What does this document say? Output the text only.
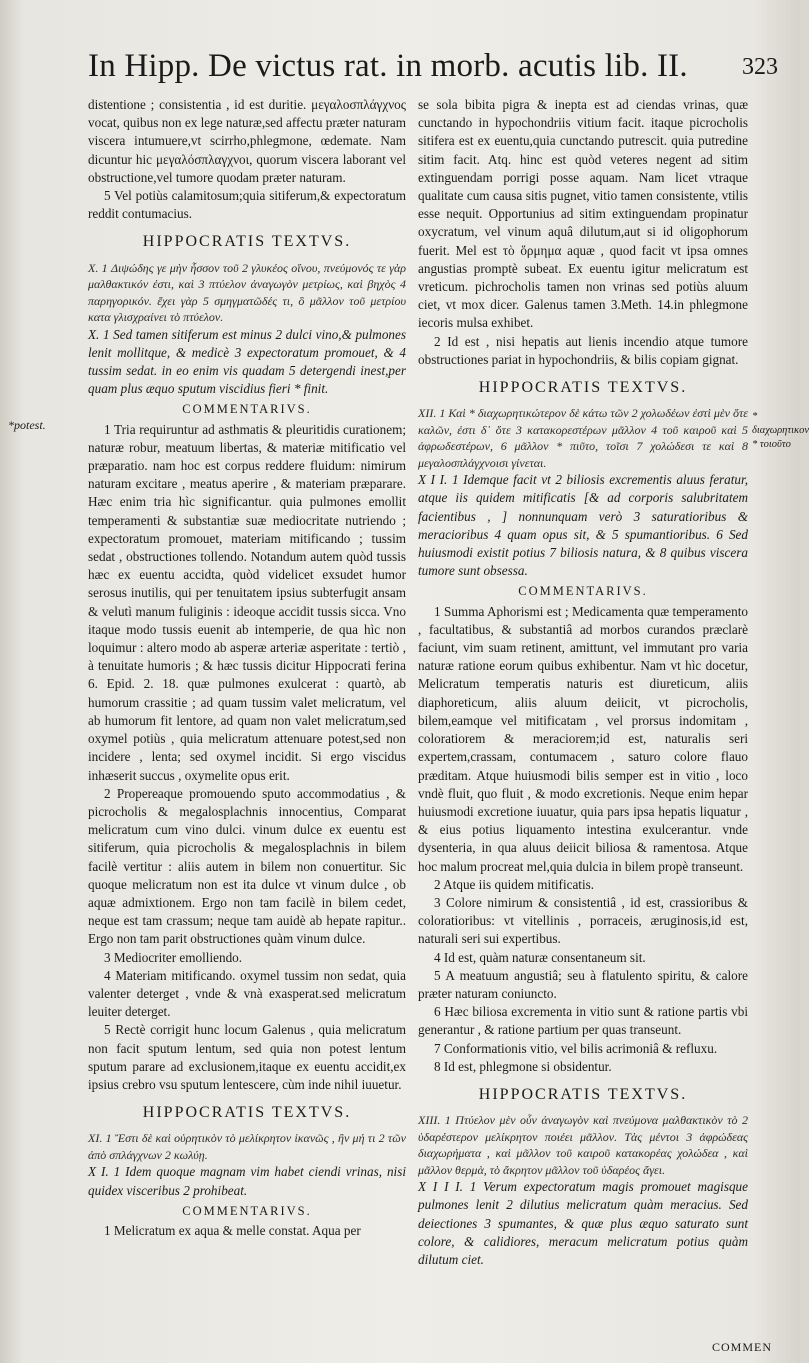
In Hipp. De victus rat. in morb. acutis lib. II. 323

distentione ; consistentia , id est duritie. μεγαλοσπλάγχνος vocat, quibus non ex lege naturæ,sed affectu præter naturam viscera intumuere,vt scirrho,phlegmone, œdemate. Nam dicuntur hic μεγαλόσπλαγχνοι, quorum viscera laborant vel obstructione,vel tumore quodam præter naturam.

5 Vel potiùs calamitosum;quia sitiferum,& expectoratum reddit contumacius.

HIPPOCRATIS TEXTVS.

X. 1 Διψώδης γε μὴν ἧσσον τοῦ 2 γλυκέος οἴνου, πνεύμονός τε γὰρ μαλθακτικόν ἐστι, καὶ 3 πτύελον ἀναγωγὸν μετρίως, καὶ βηχὸς 4 παρηγορικόν. ἔχει γὰρ 5 σμηγματῶδές τι, ὃ μᾶλλον τοῦ μετρίου κατα γλισχραίνει τὸ πτύελον.

X. 1 Sed tamen sitiferum est minus 2 dulci vino,& pulmones lenit mollitque, & medicè 3 expectoratum promouet, & 4 tussim sedat. in eo enim vis quadam 5 detergendi inest,per quam plus æquo sputum viscidius fieri * finit.

COMMENTARIVS.

1 Tria requiruntur ad asthmatis & pleuritidis curationem; naturæ robur, meatuum libertas, & materiæ mitificatio vel præparatio. nam hoc est corpus reddere fluidum: nimirum naturam excitare , meatus aperire , & materiam præparare. Hæc enim tria hìc significantur. quia pulmones emollit temperamenti & substantiæ suæ mediocritate nutriendo ; expectoratum promouet, materiam mitificando ; tussim sedat , obstructiones tollendo. Notandum autem quòd tussis hæc ex euentu accidta, quòd videlicet exsudet humor serosus inutilis, qui per tenuitatem ipsius subterfugit ansam & velutì manum fuliginis : ideoque accidit tussis sicca. Vno itaque modo tussis euenit ab intemperie, de qua hìc non loquimur : altero modo ab asperæ arteriæ asperitate : tertiò , à tenuitate humoris ; & hæc tussis dicitur Hippocrati ferina 6. Epid. 2. 18. quæ pulmones exulcerat : quartò, ab humorum crassitie ; ad quam tussim valet melicratum, vel ab humorum fit lentore, ad quam non valet melicratum,sed oxymel potiùs , quia melicratum attenuare potest,sed non incidere , lenta; sed oxymel incidit. Si ergo viscidus inhæserit succus , oxymelite opus erit.

2 Propereaque promouendo sputo accommodatius , & picrocholis & megalosplachnis innocentius, Comparat melicratum cum vino dulci. vinum dulce ex euentu est sitiferum, quia picrocholis & megalosplachnis in bilem facilè vertitur : aliis autem in bilem non conuertitur. Sic quoque melicratum non est ita dulce vt vinum dulce , ob aquæ admixtionem. Ergo non tam facilè in bilem cedet, neque est tam crassum; neque tam auidè ab hepate rapitur.. Ergo non tam parit obstructiones quàm vinum dulce.

3 Mediocriter emolliendo.

4 Materiam mitificando. oxymel tussim non sedat, quia valenter deterget , vnde & vnà exasperat.sed melicratum leuiter deterget.

5 Rectè corrigit hunc locum Galenus , quia melicratum non facit sputum lentum, sed quia non potest lentum sputum parare ad exclusionem,itaque ex euentu accidit,ex ipsius crebro vsu sputum lentescere, cùm inde nihil iuuetur.

HIPPOCRATIS TEXTVS.

XI. 1 Ἔστι δὲ καὶ οὐρητικὸν τὸ μελίκρητον ἱκανῶς , ἢν μή τι 2 τῶν ἀπὸ σπλάγχνων 2 κωλύῃ.

X I. 1 Idem quoque magnam vim habet ciendi vrinas, nisi quidex visceribus 2 prohibeat.

COMMENTARIVS.

1 Melicratum ex aqua & melle constat. Aqua per

se sola bibita pigra & inepta est ad ciendas vrinas, quæ cunctando in hypochondriis vitium facit. itaque picrocholis sitifera est ex euentu,quia cunctando putrescit. quia putredine sitim facit. Atq. hinc est quòd veteres negent ad sitim extinguendam porrigi posse aquam. Nam licet vtraque qualitate cum causa sitis pugnet, vitio tamen consistente, vtilis esse nequit. Opportunius ad sitim extinguendam propinatur oxycratum, vel vinum aquâ dilutum,aut si id oligophorum fuerit. Mel est τὸ ὅρμημα aquæ , quod facit vt ipsa omnes angustias promptè subeat. Ex euentu igitur melicratum est vreticum. pichrocholis tamen non vrinas sed potiùs aluum ciet, vt mox dicer. Galenus tamen 3.Meth. 14.in phlegmone iecoris mulsa exhibet.

2 Id est , nisi hepatis aut lienis incendio atque tumore obstructiones pariat in hypochondriis, & bilis copiam gignat.

HIPPOCRATIS TEXTVS.

XII. 1 Καὶ * διαχωρητικώτερον δὲ κάτω τῶν 2 χολωδέων ἐστὶ μὲν ὅτε καλῶν, ἐστι δ᾽ ὅτε 3 κατακορεστέρων μᾶλλον 4 τοῦ καιροῦ καὶ 5 ἀφρωδεστέρων, 6 μᾶλλον * πιῦτο, τοῖσι 7 χολώδεσι τε καὶ 8 μεγαλοσπλάγχνοισι γίνεται.

X I I. 1 Idemque facit vt 2 biliosis excrementis aluus feratur, atque iis quidem mitificatis [& ad corporis salubritatem facientibus , ] nonnunquam verò 3 saturatioribus & meracioribus 4 quam opus sit, & 5 spumantioribus. 6 Sed huiusmodi existit potius 7 biliosis natura, & 8 quibus viscera tumore sunt obsessa.

COMMENTARIVS.

1 Summa Aphorismi est ; Medicamenta quæ temperamento , facultatibus, & substantiâ ad morbos curandos præclarè faciunt, vim suam retinent, amittunt, vel immutant pro varia naturæ ratione eorum quibus exhibentur. Nam vt hìc docetur, Melicratum temperatis naturis est diureticum, aliis diaphoreticum, aliis aluum deiicit, vt picrocholis, bilem,eamque vel mitificatam , vel prorsus indomitam , coloratiorem & meraciorem;id est, naturalis seri expertem,crassam, contumacem , saturo colore flauo præditam. Atque huiusmodi bilis semper est in vitio , loco vndè fluit, quo fluit , & modo excretionis. Neque enim hepar huiusmodi excretione iuuatur, quia pars ipsa hepatis liquatur , & eius potius liquamento intestina exulcerantur. vnde dysenteria, in qua aluus deiicit biliosa & ramentosa. Atque hoc malum procreat mel,quia dulcia in bilem propè transeunt.

2 Atque iis quidem mitificatis.

3 Colore nimirum & consistentiâ , id est, crassioribus & coloratioribus: vt vitellinis , porraceis, æruginosis,id est, naturali seri sui expertibus.

4 Id est, quàm naturæ consentaneum sit.

5 A meatuum angustiâ; seu à flatulento spiritu, & calore præter naturam coniuncto.

6 Hæc biliosa excrementa in vitio sunt & ratione partis vbi generantur , & ratione partium per quas transeunt.

7 Conformationis vitio, vel bilis acrimoniâ & refluxu.

8 Id est, phlegmone si obsidentur.

HIPPOCRATIS TEXTVS.

XIII. 1 Πτύελον μὲν οὖν ἀναγωγὸν καὶ πνεύμονα μαλθακτικὸν τὸ 2 ὑδαρέστερον μελίκρητον ποιέει μᾶλλον. Τὰς μέντοι 3 ἀφρώδεας διαχωρήματα , καὶ μᾶλλον τοῦ καιροῦ κατακορέας χολώδεα , καὶ μᾶλλον θερμὰ, τὸ ἄκρητον μᾶλλον τοῦ ὑδαρέος ἄγει.

X I I I. 1 Verum expectoratum magis promouet magisque pulmones lenit 2 dilutius melicratum quàm meracius. Sed deiectiones 3 spumantes, & quæ plus æquo saturato sunt colore, & calidiores, meracum melicratum potius quàm dilutum ciet.

*potest.
* διαχωρητικον * τοιοῦτο
COMMEN
